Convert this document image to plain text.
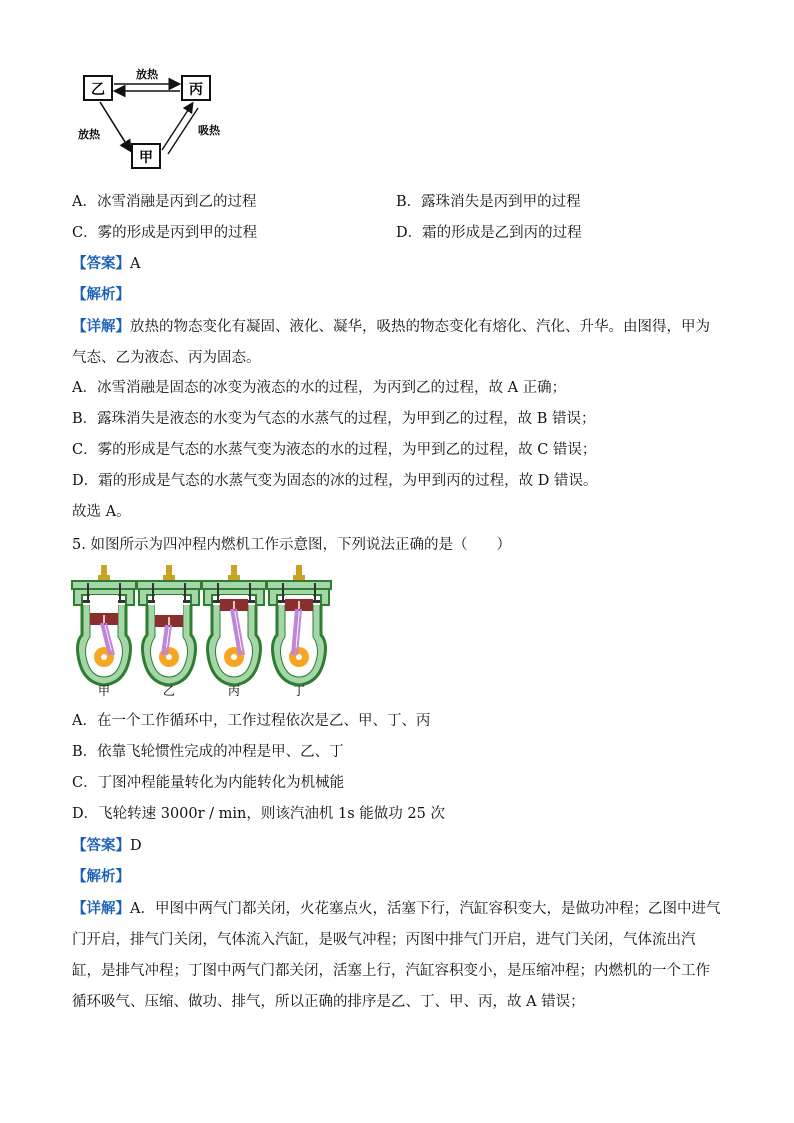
乙	丙
甲
放热
放热	吸热
A．冰雪消融是丙到乙的过程	B．露珠消失是丙到甲的过程
C．雾的形成是丙到甲的过程	D．霜的形成是乙到丙的过程
【答案】A
【解析】
【详解】放热的物态变化有凝固、液化、凝华，吸热的物态变化有熔化、汽化、升华。由图得，甲为气态、乙为液态、丙为固态。
A．冰雪消融是固态的冰变为液态的水的过程，为丙到乙的过程，故 A 正确；
B．露珠消失是液态的水变为气态的水蒸气的过程，为甲到乙的过程，故 B 错误；
C．雾的形成是气态的水蒸气变为液态的水的过程，为甲到乙的过程，故 C 错误；
D．霜的形成是气态的水蒸气变为固态的冰的过程，为甲到丙的过程，故 D 错误。
故选 A。
5. 如图所示为四冲程内燃机工作示意图，下列说法正确的是（　　）
甲	乙	丙	丁
A．在一个工作循环中，工作过程依次是乙、甲、丁、丙
B．依靠飞轮惯性完成的冲程是甲、乙、丁
C．丁图冲程能量转化为内能转化为机械能
D．飞轮转速 3000r / min，则该汽油机 1s 能做功 25 次
【答案】D
【解析】
【详解】A．甲图中两气门都关闭，火花塞点火，活塞下行，汽缸容积变大，是做功冲程；乙图中进气门开启，排气门关闭，气体流入汽缸，是吸气冲程；丙图中排气门开启，进气门关闭，气体流出汽缸，是排气冲程；丁图中两气门都关闭，活塞上行，汽缸容积变小，是压缩冲程；内燃机的一个工作循环吸气、压缩、做功、排气，所以正确的排序是乙、丁、甲、丙，故 A 错误；
